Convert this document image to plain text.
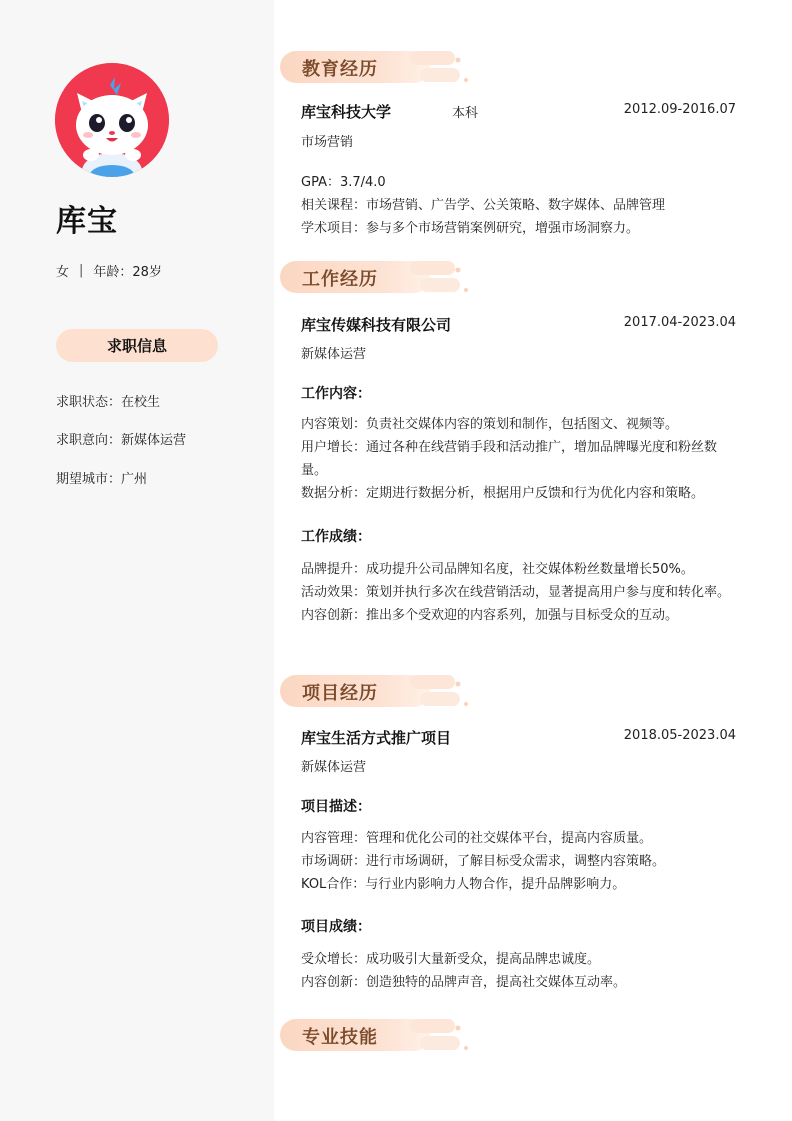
库宝
女 | 年龄：28岁
求职信息
求职状态：在校生
求职意向：新媒体运营
期望城市：广州
教育经历
库宝科技大学	本科	2012.09-2016.07
市场营销
GPA：3.7/4.0
相关课程：市场营销、广告学、公关策略、数字媒体、品牌管理
学术项目：参与多个市场营销案例研究，增强市场洞察力。
工作经历
库宝传媒科技有限公司	2017.04-2023.04
新媒体运营
工作内容：
内容策划：负责社交媒体内容的策划和制作，包括图文、视频等。
用户增长：通过各种在线营销手段和活动推广，增加品牌曝光度和粉丝数量。
数据分析：定期进行数据分析，根据用户反馈和行为优化内容和策略。
工作成绩：
品牌提升：成功提升公司品牌知名度，社交媒体粉丝数量增长50%。
活动效果：策划并执行多次在线营销活动，显著提高用户参与度和转化率。
内容创新：推出多个受欢迎的内容系列，加强与目标受众的互动。
项目经历
库宝生活方式推广项目	2018.05-2023.04
新媒体运营
项目描述：
内容管理：管理和优化公司的社交媒体平台，提高内容质量。
市场调研：进行市场调研，了解目标受众需求，调整内容策略。
KOL合作：与行业内影响力人物合作，提升品牌影响力。
项目成绩：
受众增长：成功吸引大量新受众，提高品牌忠诚度。
内容创新：创造独特的品牌声音，提高社交媒体互动率。
专业技能
